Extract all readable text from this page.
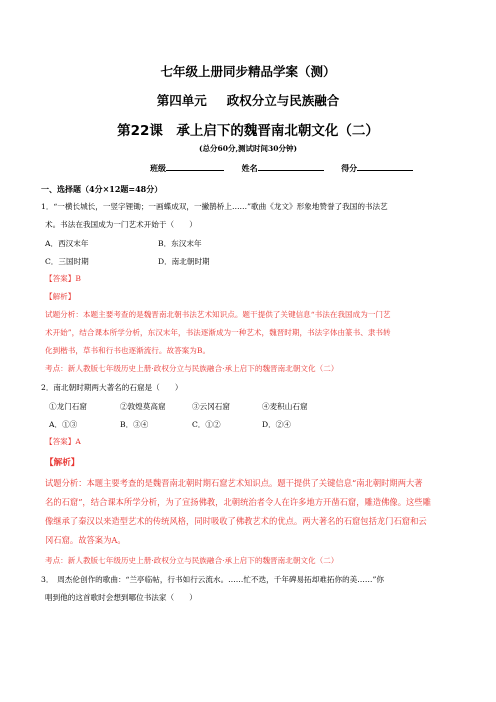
七年级上册同步精品学案（测）
第四单元 政权分立与民族融合
第22课　承上启下的魏晋南北朝文化（二）
(总分60分,测试时间30分钟)
班级	姓名	得分
一、选择题（4分×12题=48分）
1．“一横长城长，一竖字锂锄；一画蝶成双，一撇鹊桥上……”歌曲《龙文》形象地赞誉了我国的书法艺
术。书法在我国成为一门艺术开始于（　　）
A．西汉末年	B．东汉末年
C．三国时期	D．南北朝时期
【答案】B
【解析】
试题分析：本题主要考查的是魏晋南北朝书法艺术知识点。题干提供了关键信息“书法在我国成为一门艺
术开始”，结合课本所学分析，东汉末年，书法逐渐成为一种艺术，魏晋时期，书法字体由篆书、隶书转
化到楷书，草书和行书也逐渐流行。故答案为B。
考点：新人教版七年级历史上册·政权分立与民族融合·承上启下的魏晋南北朝文化（二）
2．南北朝时期两大著名的石窟是（　　）
①龙门石窟	②敦煌莫高窟	③云冈石窟	④麦积山石窟
A．①③	B．③④	C．①②	D．②④
【答案】A
【解析】
试题分析：本题主要考查的是魏晋南北朝时期石窟艺术知识点。题干提供了关键信息“南北朝时期两大著
名的石窟”，结合课本所学分析，为了宣扬佛教，北朝统治者令人在许多地方开凿石窟，雕造佛像。这些雕
像继承了秦汉以来造型艺术的传统风格，同时吸收了佛教艺术的优点。两大著名的石窟包括龙门石窟和云
冈石窟。故答案为A。
考点：新人教版七年级历史上册·政权分立与民族融合·承上启下的魏晋南北朝文化（二）
3．　周杰伦创作的歌曲：“兰亭临帖，行书如行云流水。……忙不迭，千年碑易拓却难拓你的美……”你
唱到他的这首歌时会想到哪位书法家（　　）
